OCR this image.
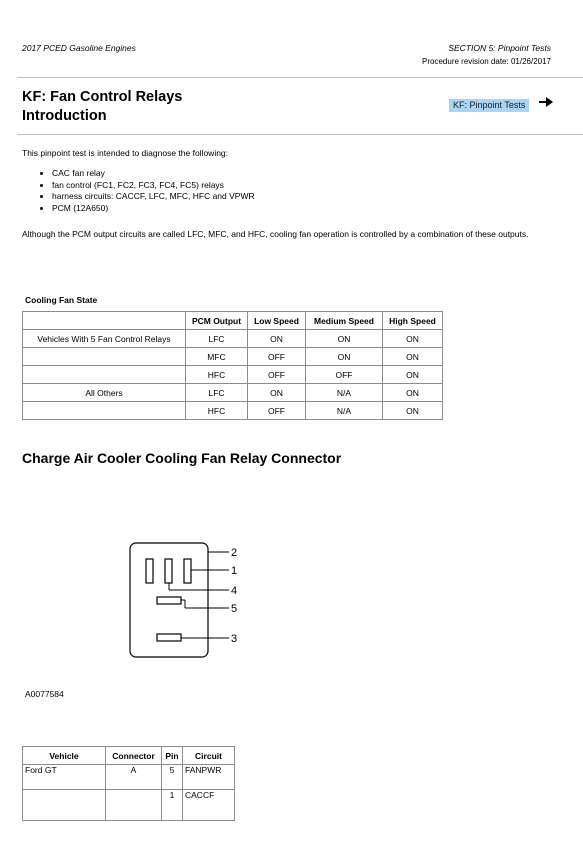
2017 PCED Gasoline Engines	SECTION 5: Pinpoint Tests
Procedure revision date: 01/26/2017
KF: Fan Control Relays
Introduction
KF: Pinpoint Tests
This pinpoint test is intended to diagnose the following:
• CAC fan relay
• fan control (FC1, FC2, FC3, FC4, FC5) relays
• harness circuits: CACCF, LFC, MFC, HFC and VPWR
• PCM (12A650)
Although the PCM output circuits are called LFC, MFC, and HFC, cooling fan operation is controlled by a combination of these outputs.
Cooling Fan State
	PCM Output	Low Speed	Medium Speed	High Speed
Vehicles With 5 Fan Control Relays	LFC	ON	ON	ON
	MFC	OFF	ON	ON
	HFC	OFF	OFF	ON
All Others	LFC	ON	N/A	ON
	HFC	OFF	N/A	ON
Charge Air Cooler Cooling Fan Relay Connector
2
1
4
5
3
A0077584
Vehicle	Connector	Pin	Circuit
Ford GT	A	5	FANPWR
		1	CACCF
